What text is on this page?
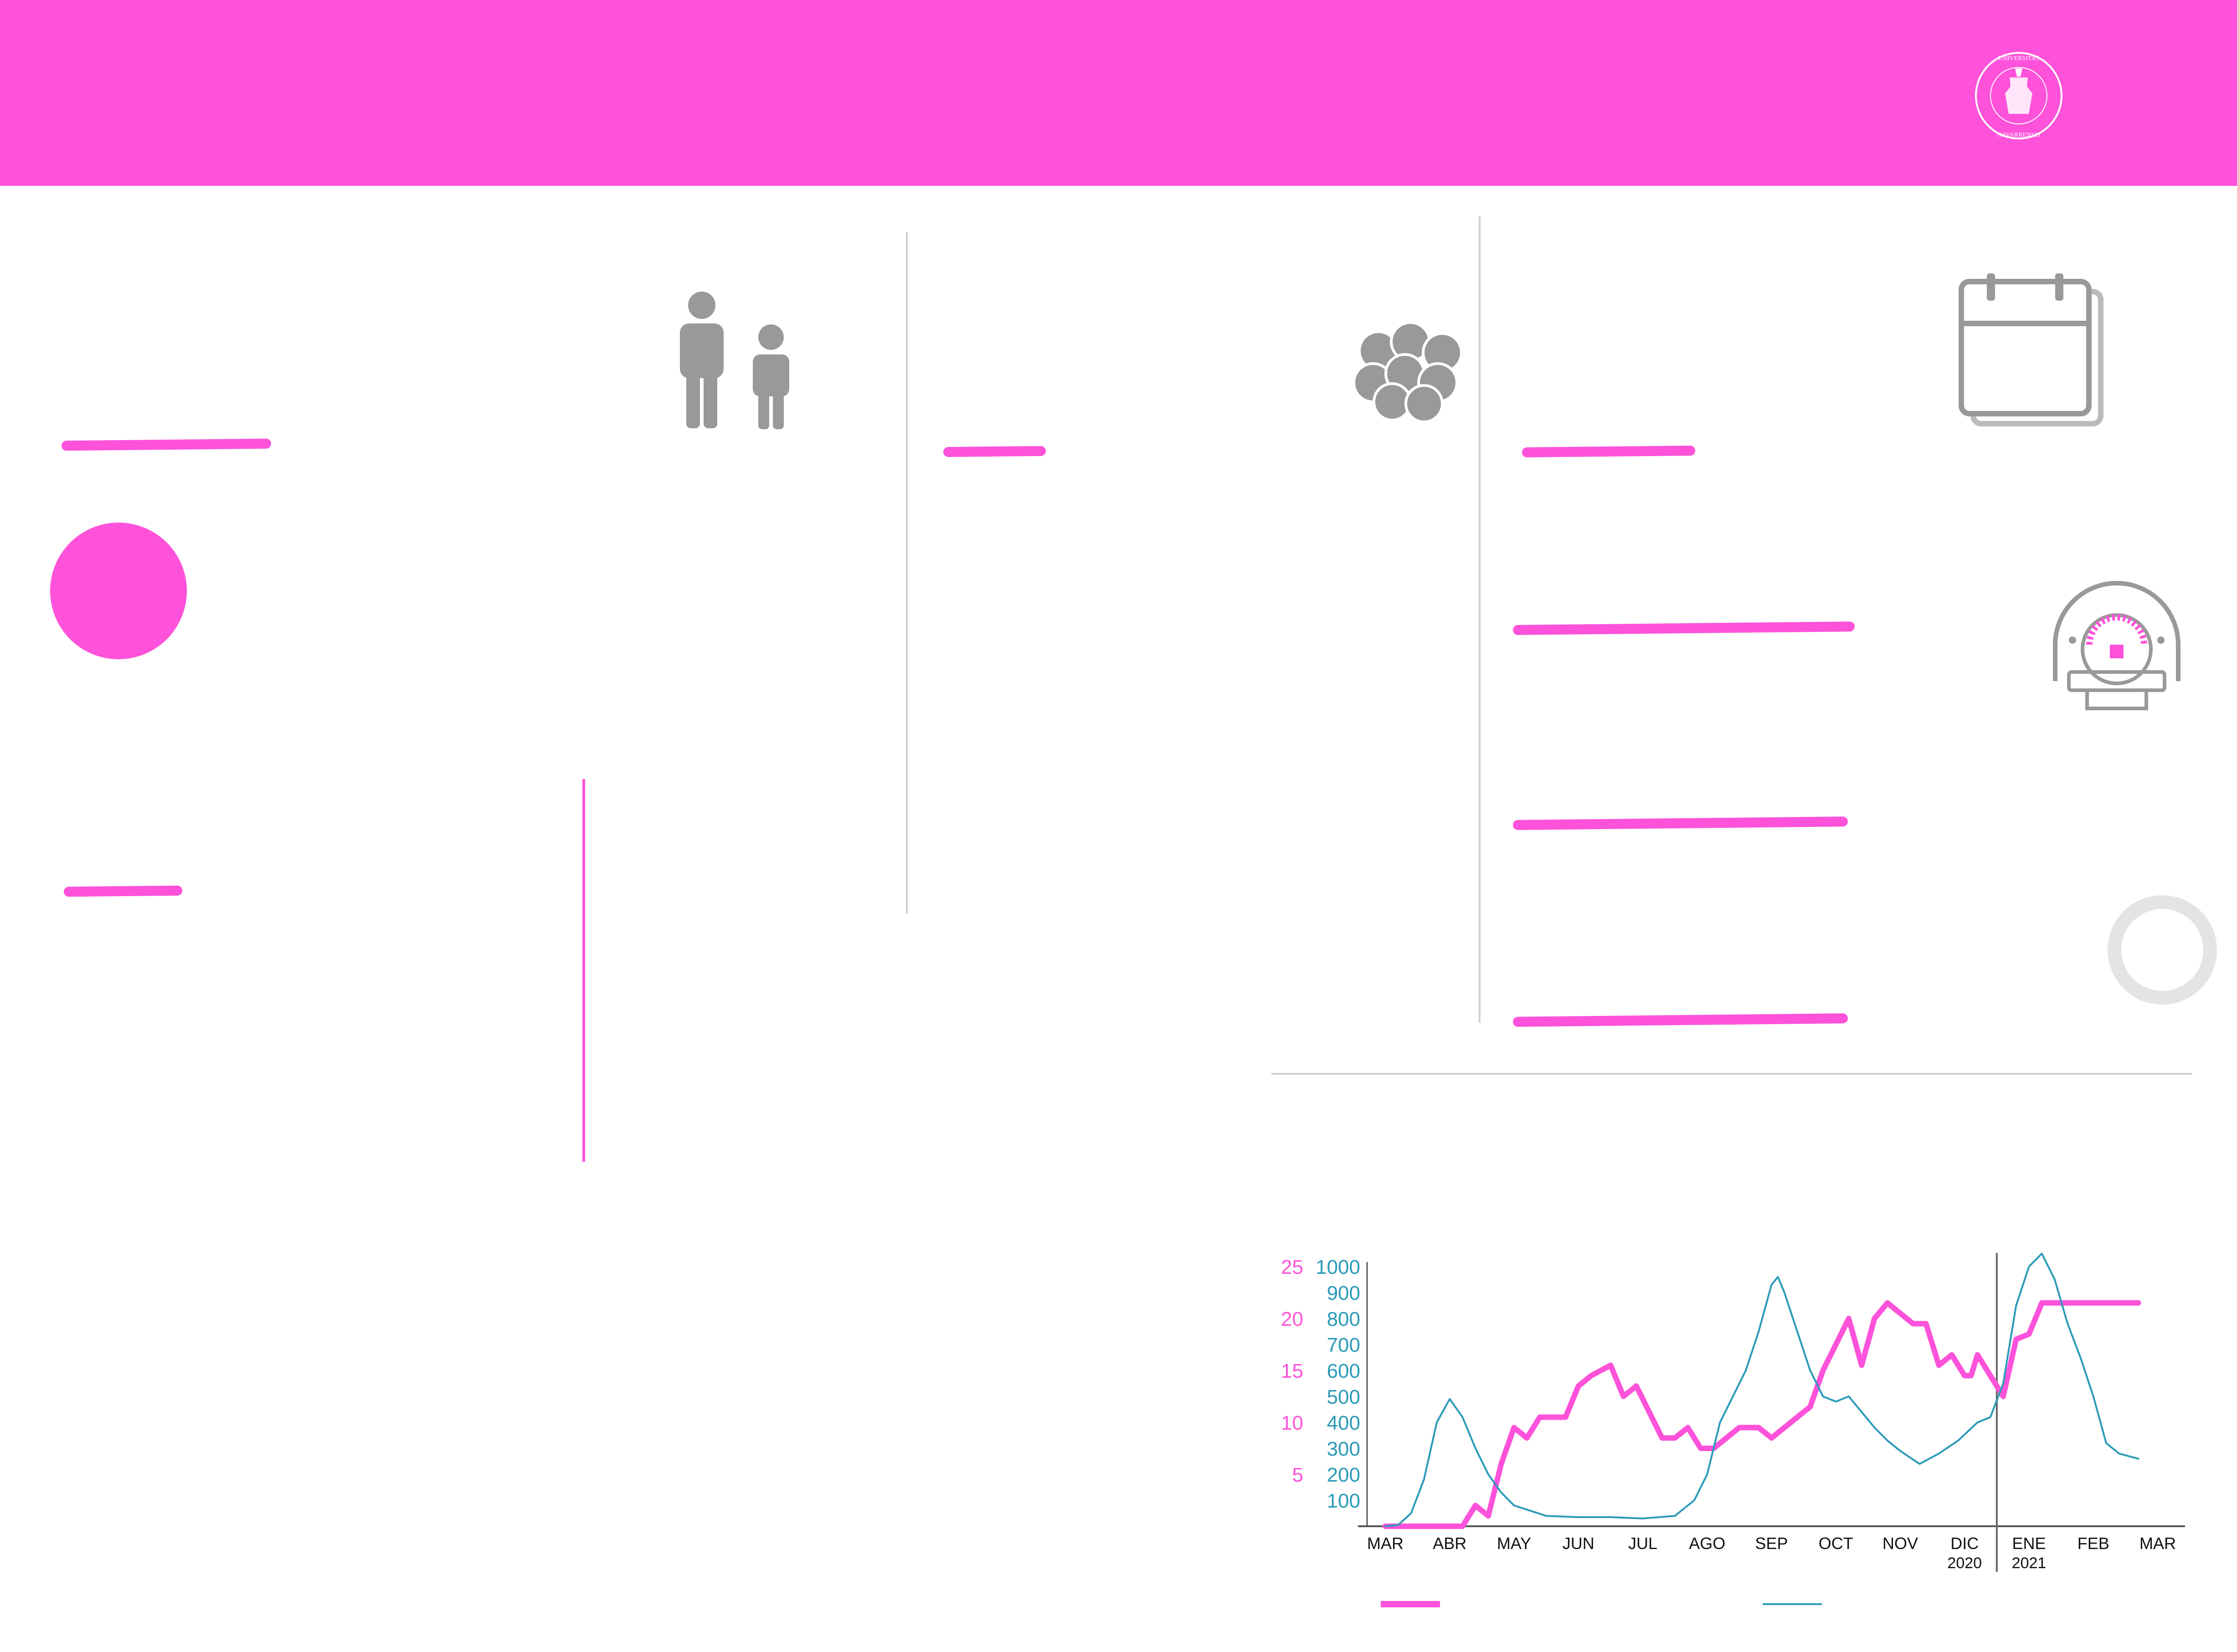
UNIVERSITAS
NAVARRENSIS
5
10
15
20
25
100
200
300
400
500
600
700
800
900
1000
MAR ABR MAY JUN JUL AGO SEP OCT NOV DIC
2020
ENE
2021
FEB MAR
